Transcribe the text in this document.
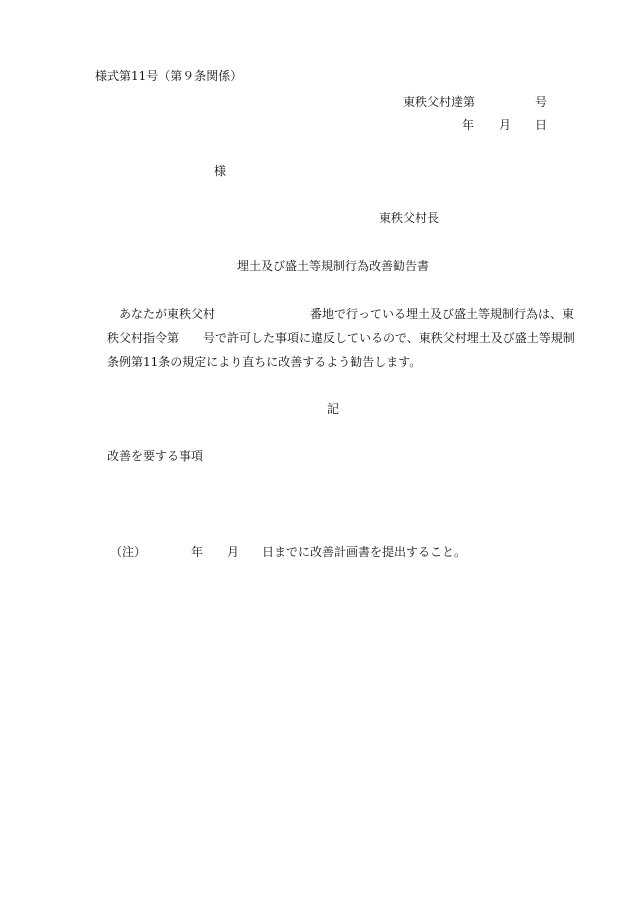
様式第11号（第９条関係）

東秩父村達第	号

年 月 日

様

東秩父村長

埋土及び盛土等規制行為改善勧告書

あなたが東秩父村	番地で行っている埋土及び盛土等規制行為は、東

秩父村指令第 号で許可した事項に違反しているので、東秩父村埋土及び盛土等規制

条例第11条の規定により直ちに改善するよう勧告します。

記

改善を要する事項

（注）	年 月 日までに改善計画書を提出すること。
